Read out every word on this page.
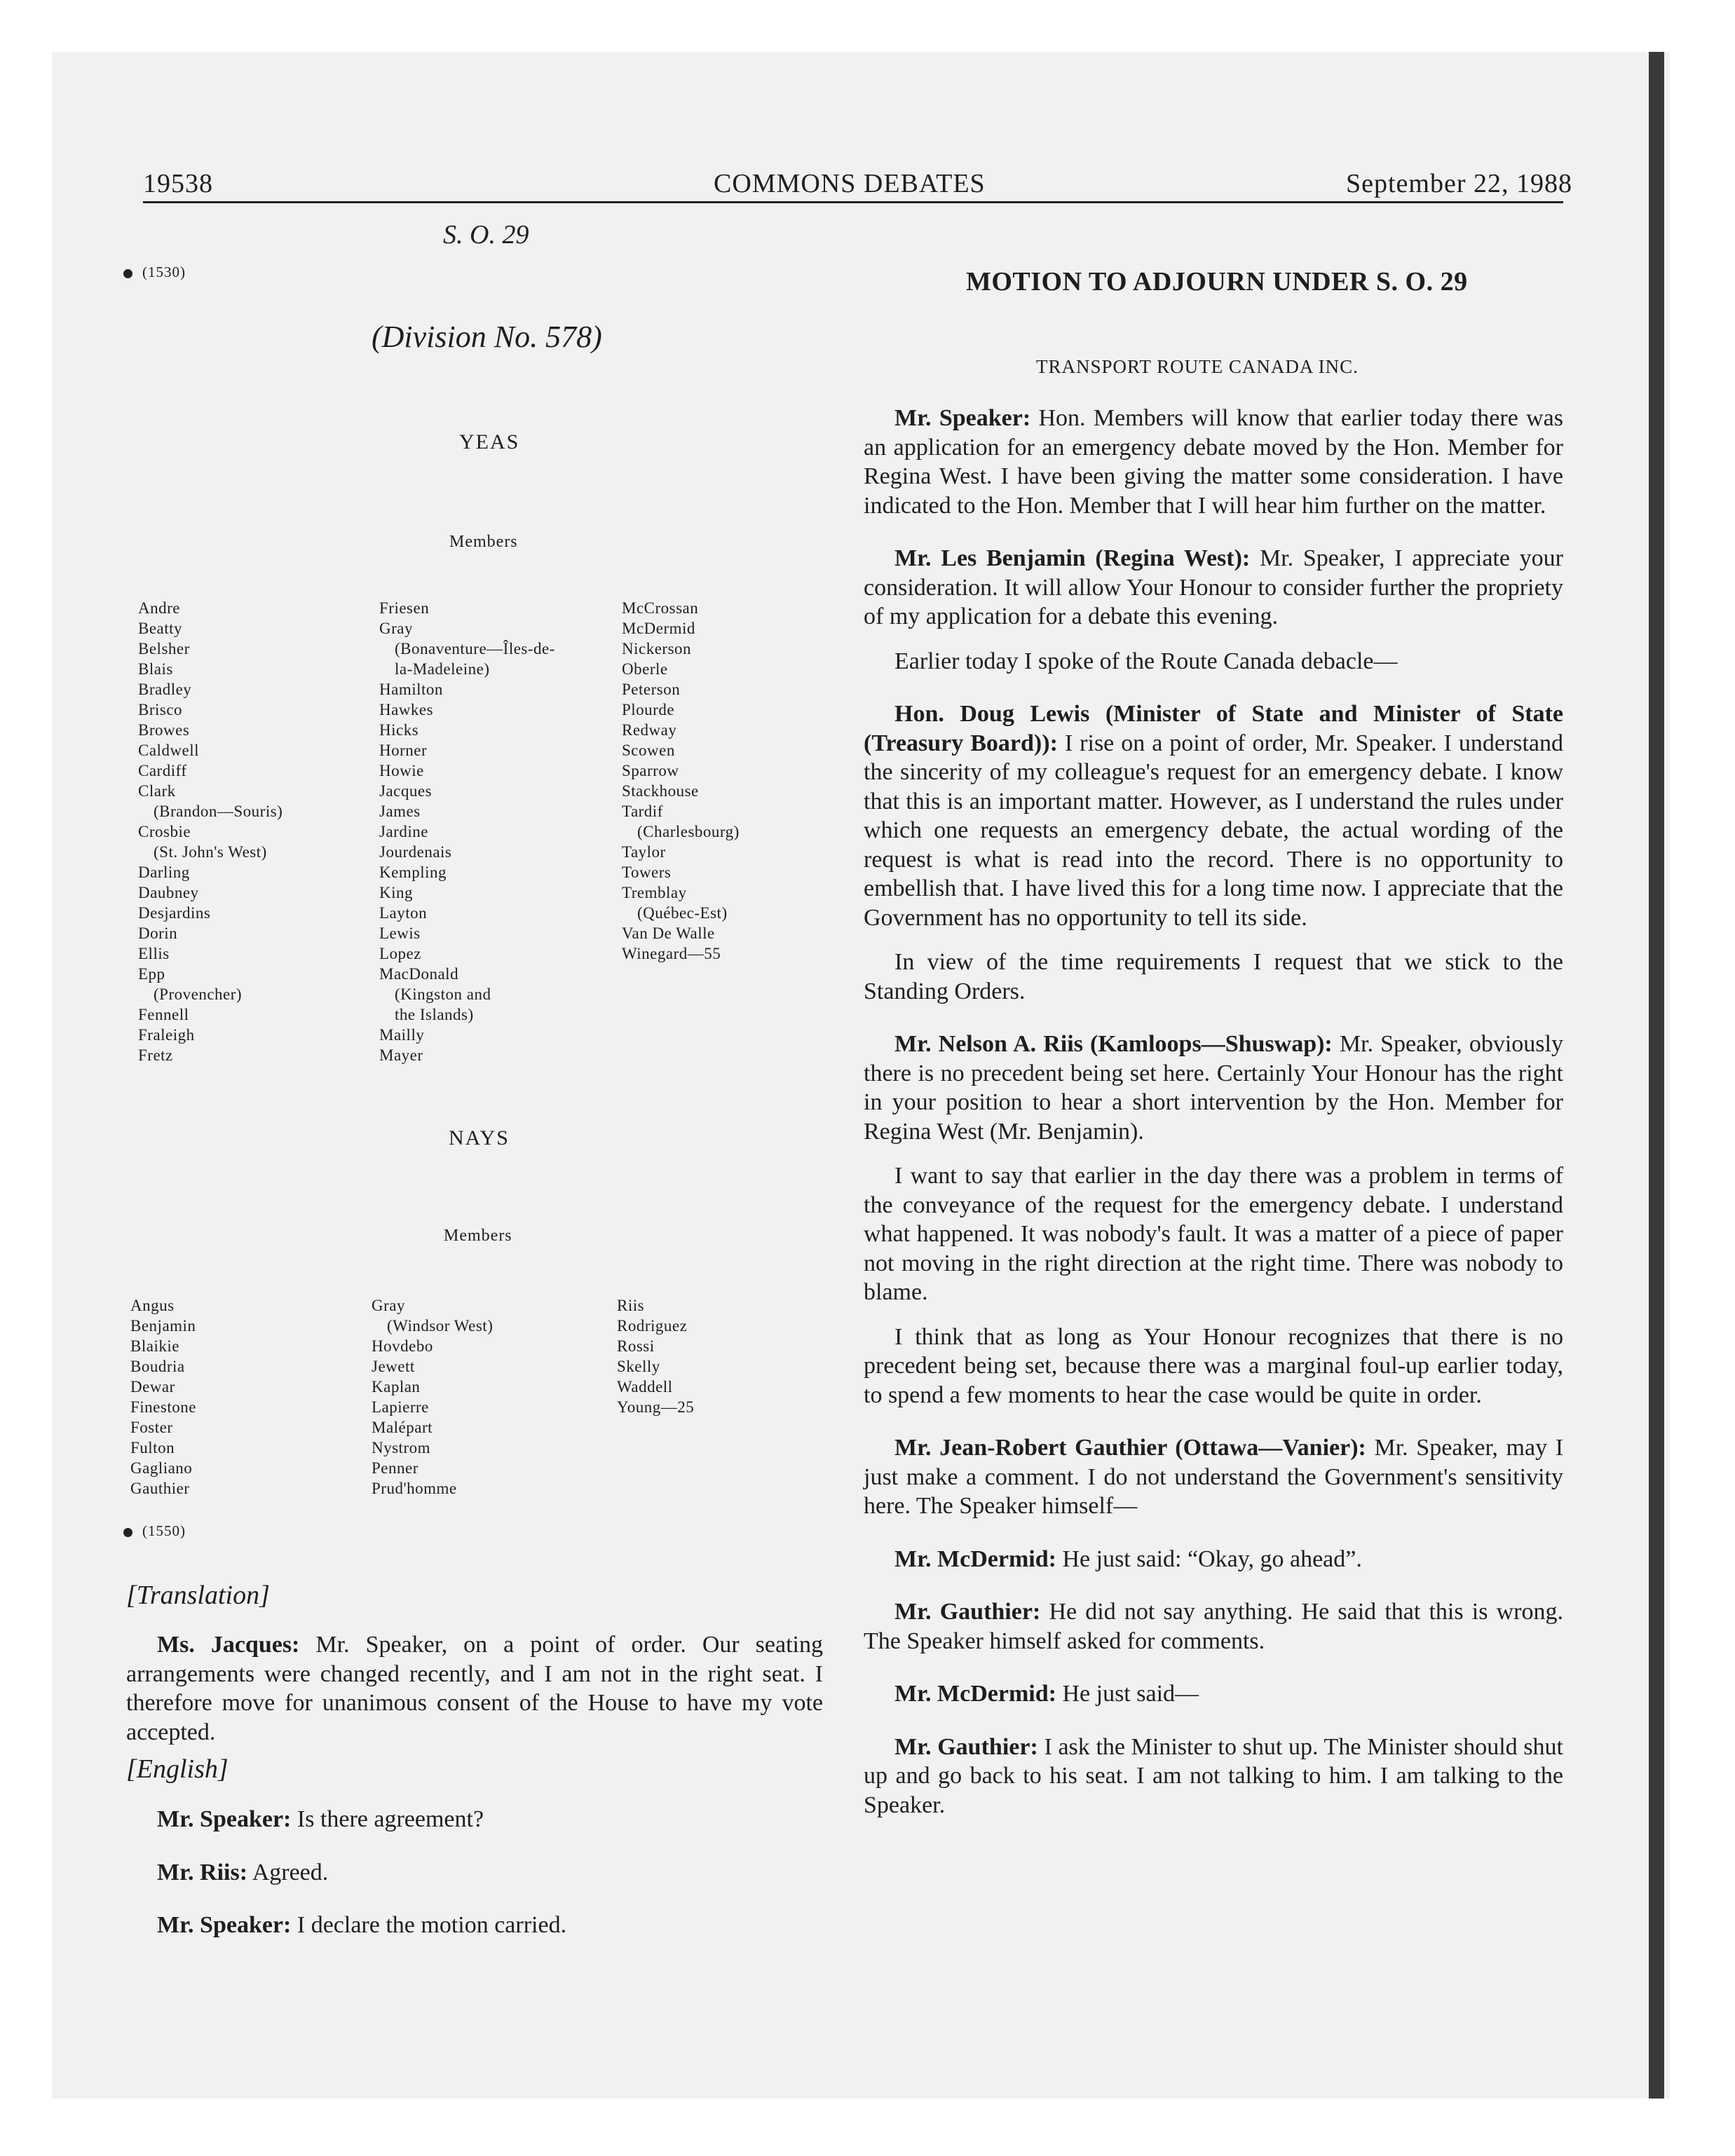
19538	COMMONS DEBATES	September 22, 1988
S. O. 29
(1530)
(Division No. 578)
YEAS
Members
Andre
Beatty
Belsher
Blais
Bradley
Brisco
Browes
Caldwell
Cardiff
Clark
(Brandon—Souris)
Crosbie
(St. John's West)
Darling
Daubney
Desjardins
Dorin
Ellis
Epp
(Provencher)
Fennell
Fraleigh
Fretz
Friesen
Gray
(Bonaventure—Îles-de-
la-Madeleine)
Hamilton
Hawkes
Hicks
Horner
Howie
Jacques
James
Jardine
Jourdenais
Kempling
King
Layton
Lewis
Lopez
MacDonald
(Kingston and
the Islands)
Mailly
Mayer
McCrossan
McDermid
Nickerson
Oberle
Peterson
Plourde
Redway
Scowen
Sparrow
Stackhouse
Tardif
(Charlesbourg)
Taylor
Towers
Tremblay
(Québec-Est)
Van De Walle
Winegard—55
NAYS
Members
Angus
Benjamin
Blaikie
Boudria
Dewar
Finestone
Foster
Fulton
Gagliano
Gauthier
Gray
(Windsor West)
Hovdebo
Jewett
Kaplan
Lapierre
Malépart
Nystrom
Penner
Prud'homme
Riis
Rodriguez
Rossi
Skelly
Waddell
Young—25
(1550)
[Translation]

Ms. Jacques: Mr. Speaker, on a point of order. Our seating arrangements were changed recently, and I am not in the right seat. I therefore move for unanimous consent of the House to have my vote accepted.

[English]

Mr. Speaker: Is there agreement?

Mr. Riis: Agreed.

Mr. Speaker: I declare the motion carried.

MOTION TO ADJOURN UNDER S. O. 29
TRANSPORT ROUTE CANADA INC.

Mr. Speaker: Hon. Members will know that earlier today there was an application for an emergency debate moved by the Hon. Member for Regina West. I have been giving the matter some consideration. I have indicated to the Hon. Member that I will hear him further on the matter.

Mr. Les Benjamin (Regina West): Mr. Speaker, I appreciate your consideration. It will allow Your Honour to consider further the propriety of my application for a debate this evening.

Earlier today I spoke of the Route Canada debacle—

Hon. Doug Lewis (Minister of State and Minister of State (Treasury Board)): I rise on a point of order, Mr. Speaker. I understand the sincerity of my colleague's request for an emergency debate. I know that this is an important matter. However, as I understand the rules under which one requests an emergency debate, the actual wording of the request is what is read into the record. There is no opportunity to embellish that. I have lived this for a long time now. I appreciate that the Government has no opportunity to tell its side.

In view of the time requirements I request that we stick to the Standing Orders.

Mr. Nelson A. Riis (Kamloops—Shuswap): Mr. Speaker, obviously there is no precedent being set here. Certainly Your Honour has the right in your position to hear a short intervention by the Hon. Member for Regina West (Mr. Benjamin).

I want to say that earlier in the day there was a problem in terms of the conveyance of the request for the emergency debate. I understand what happened. It was nobody's fault. It was a matter of a piece of paper not moving in the right direction at the right time. There was nobody to blame.

I think that as long as Your Honour recognizes that there is no precedent being set, because there was a marginal foul-up earlier today, to spend a few moments to hear the case would be quite in order.

Mr. Jean-Robert Gauthier (Ottawa—Vanier): Mr. Speaker, may I just make a comment. I do not understand the Government's sensitivity here. The Speaker himself—

Mr. McDermid: He just said: “Okay, go ahead”.

Mr. Gauthier: He did not say anything. He said that this is wrong. The Speaker himself asked for comments.

Mr. McDermid: He just said—

Mr. Gauthier: I ask the Minister to shut up. The Minister should shut up and go back to his seat. I am not talking to him. I am talking to the Speaker.
